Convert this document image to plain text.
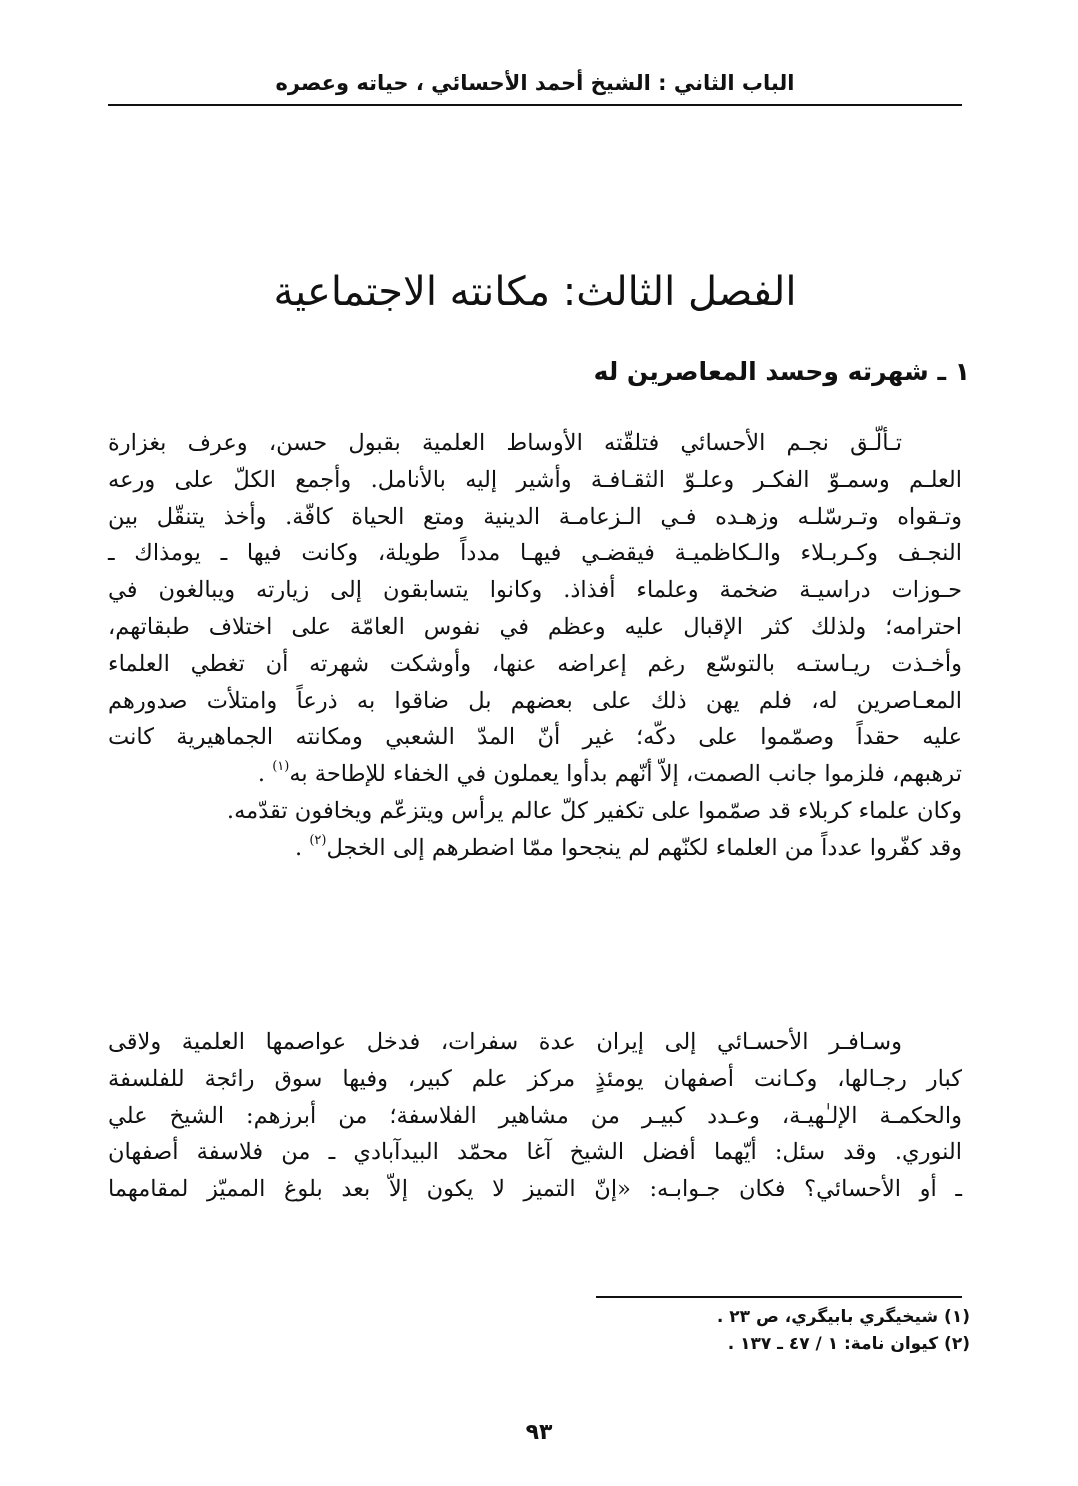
الباب الثاني : الشيخ أحمد الأحسائي ، حياته وعصره
الفصل الثالث: مكانته الاجتماعية
١ ـ شهرته وحسد المعاصرين له
تـألّـق نجـم الأحسائي فتلقّته الأوساط العلمية بقبول حسن، وعرف بغزارة
العلـم وسمـوّ الفكـر وعلـوّ الثقـافـة وأشير إليه بالأنامل. وأجمع الكلّ على ورعه
وتـقواه وتـرسّلـه وزهـده فـي الـزعامـة الدينية ومتع الحياة كافّة. وأخذ يتنقّل بين
النجـف وكـربـلاء والـكاظميـة فيقضـي فيهـا مدداً طويلة، وكانت فيها ـ يومذاك ـ
حـوزات دراسيـة ضخمة وعلماء أفذاذ. وكانوا يتسابقون إلى زيارته ويبالغون في
احترامه؛ ولذلك كثر الإقبال عليه وعظم في نفوس العامّة على اختلاف طبقاتهم،
وأخـذت ريـاستـه بالتوسّع رغم إعراضه عنها، وأوشكت شهرته أن تغطي العلماء
المعـاصرين له، فلم يهن ذلك على بعضهم بل ضاقوا به ذرعاً وامتلأت صدورهم
عليه حقداً وصمّموا على دكّه؛ غير أنّ المدّ الشعبي ومكانته الجماهيرية كانت
ترهبهم، فلزموا جانب الصمت، إلاّ أنّهم بدأوا يعملون في الخفاء للإطاحة به$^{(١)}$ .
وكان علماء كربلاء قد صمّموا على تكفير كلّ عالم يرأس ويتزعّم ويخافون تقدّمه.
وقد كفّروا عدداً من العلماء لكنّهم لم ينجحوا ممّا اضطرهم إلى الخجل$^{(٢)}$ .
وسـافـر الأحسـائي إلى إيران عدة سفرات، فدخل عواصمها العلمية ولاقى
كبار رجـالها، وكـانت أصفهان يومئذٍ مركز علم كبير، وفيها سوق رائجة للفلسفة
والحكمـة الإلـٰهيـة، وعـدد كبيـر من مشاهير الفلاسفة؛ من أبرزهم: الشيخ علي
النوري. وقد سئل: أيّهما أفضل الشيخ آغا محمّد البيدآبادي ـ من فلاسفة أصفهان
ـ أو الأحسائي؟ فكان جـوابـه: «إنّ التميز لا يكون إلاّ بعد بلوغ المميّز لمقامهما
(١) شيخيگري بابيگري، ص ٢٣ .
(٢) كيوان نامة: ١ / ٤٧ ـ ١٣٧ .
٩٣
